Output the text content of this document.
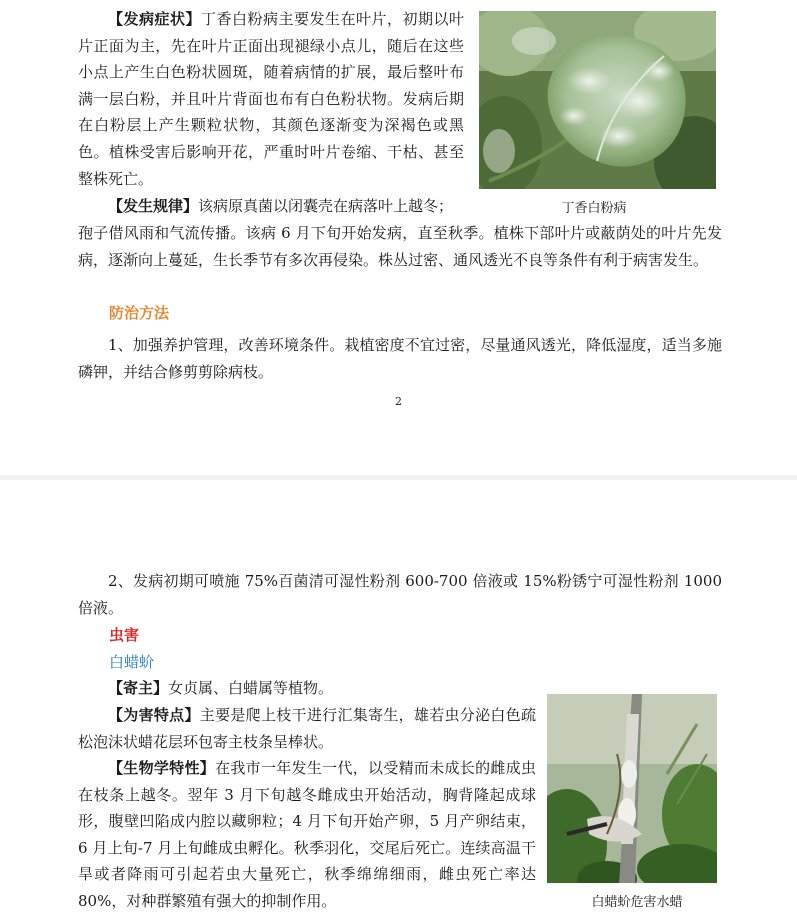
【发病症状】丁香白粉病主要发生在叶片，初期以叶片正面为主，先在叶片正面出现褪绿小点儿，随后在这些小点上产生白色粉状圆斑，随着病情的扩展，最后整叶布满一层白粉，并且叶片背面也布有白色粉状物。发病后期在白粉层上产生颗粒状物，其颜色逐渐变为深褐色或黑色。植株受害后影响开花，严重时叶片卷缩、干枯、甚至整株死亡。

【发生规律】该病原真菌以闭囊壳在病落叶上越冬；	丁香白粉病

孢子借风雨和气流传播。该病 6 月下旬开始发病，直至秋季。植株下部叶片或蔽荫处的叶片先发病，逐渐向上蔓延，生长季节有多次再侵染。株丛过密、通风透光不良等条件有利于病害发生。

防治方法

1、加强养护管理，改善环境条件。栽植密度不宜过密，尽量通风透光，降低湿度，适当多施磷钾，并结合修剪剪除病枝。

2

2、发病初期可喷施 75%百菌清可湿性粉剂 600-700 倍液或 15%粉锈宁可湿性粉剂 1000 倍液。

虫害
白蜡蚧

【寄主】女贞属、白蜡属等植物。

【为害特点】主要是爬上枝干进行汇集寄生，雄若虫分泌白色疏松泡沫状蜡花层环包寄主枝条呈棒状。

【生物学特性】在我市一年发生一代，以受精而未成长的雌成虫在枝条上越冬。翌年 3 月下旬越冬雌成虫开始活动，胸背隆起成球形，腹壁凹陷成内腔以藏卵粒；4 月下旬开始产卵，5 月产卵结束，6 月上旬-7 月上旬雌成虫孵化。秋季羽化，交尾后死亡。连续高温干旱或者降雨可引起若虫大量死亡，秋季绵绵细雨，雌虫死亡率达 80%，对种群繁殖有强大的抑制作用。	白蜡蚧危害水蜡
